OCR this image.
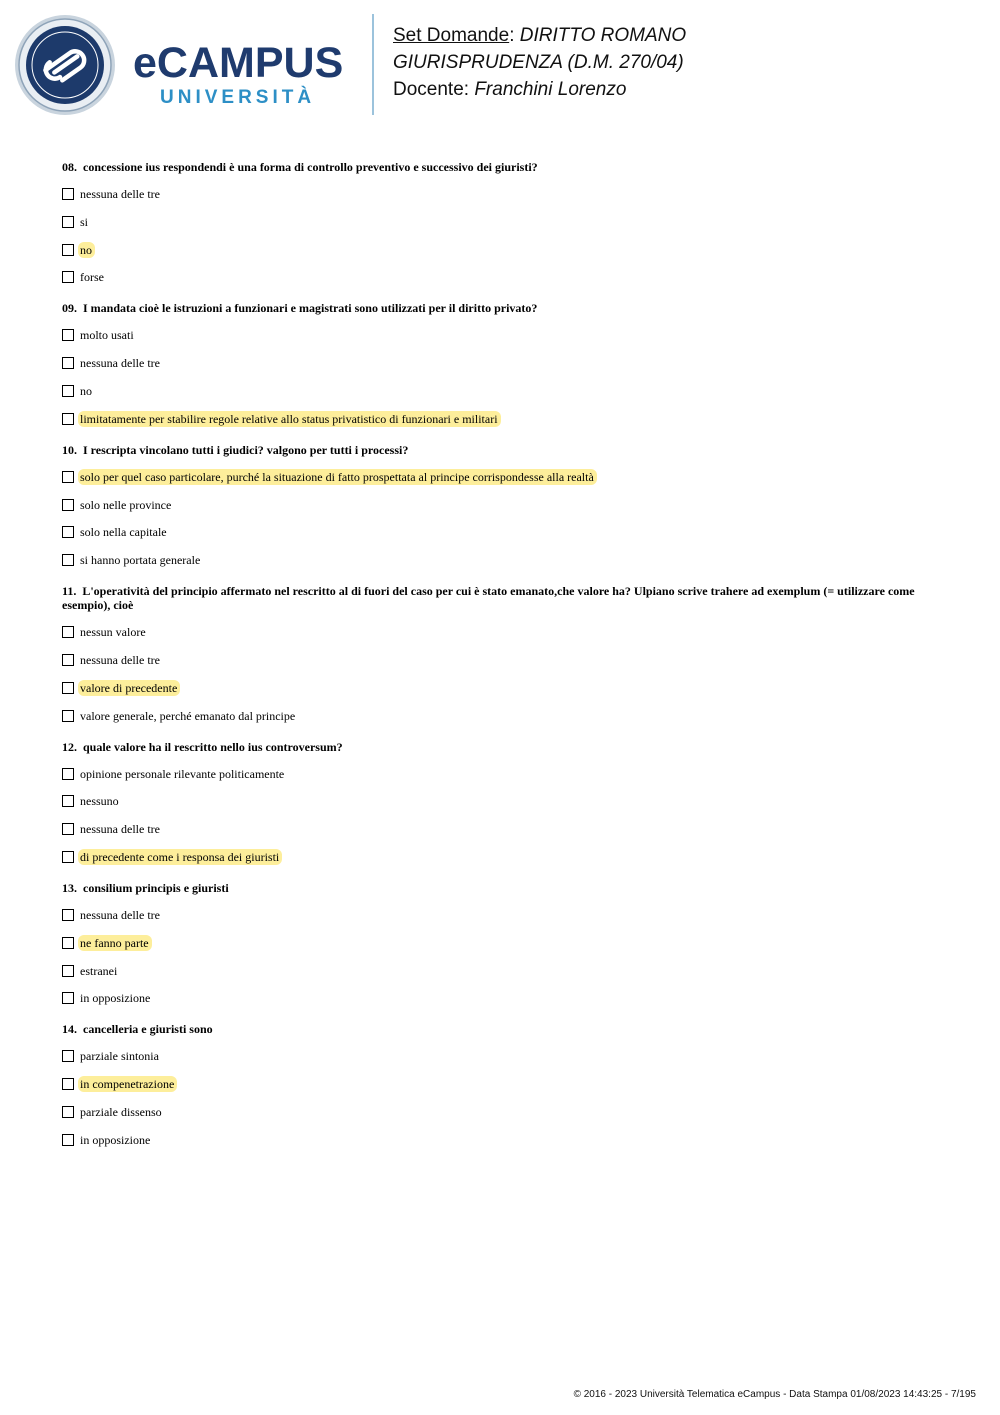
eCAMPUS
UNIVERSITÀ
Set Domande: DIRITTO ROMANO
GIURISPRUDENZA (D.M. 270/04)
Docente: Franchini Lorenzo
08. concessione ius respondendi è una forma di controllo preventivo e successivo dei giuristi?
nessuna delle tre
si
no
forse
09. I mandata cioè le istruzioni a funzionari e magistrati sono utilizzati per il diritto privato?
molto usati
nessuna delle tre
no
limitatamente per stabilire regole relative allo status privatistico di funzionari e militari
10. I rescripta vincolano tutti i giudici? valgono per tutti i processi?
solo per quel caso particolare, purché la situazione di fatto prospettata al principe corrispondesse alla realtà
solo nelle province
solo nella capitale
si hanno portata generale
11. L'operatività del principio affermato nel rescritto al di fuori del caso per cui è stato emanato,che valore ha? Ulpiano scrive trahere ad exemplum (= utilizzare come esempio), cioè
nessun valore
nessuna delle tre
valore di precedente
valore generale, perché emanato dal principe
12. quale valore ha il rescritto nello ius controversum?
opinione personale rilevante politicamente
nessuno
nessuna delle tre
di precedente come i responsa dei giuristi
13. consilium principis e giuristi
nessuna delle tre
ne fanno parte
estranei
in opposizione
14. cancelleria e giuristi sono
parziale sintonia
in compenetrazione
parziale dissenso
in opposizione
© 2016 - 2023 Università Telematica eCampus - Data Stampa 01/08/2023 14:43:25 - 7/195
